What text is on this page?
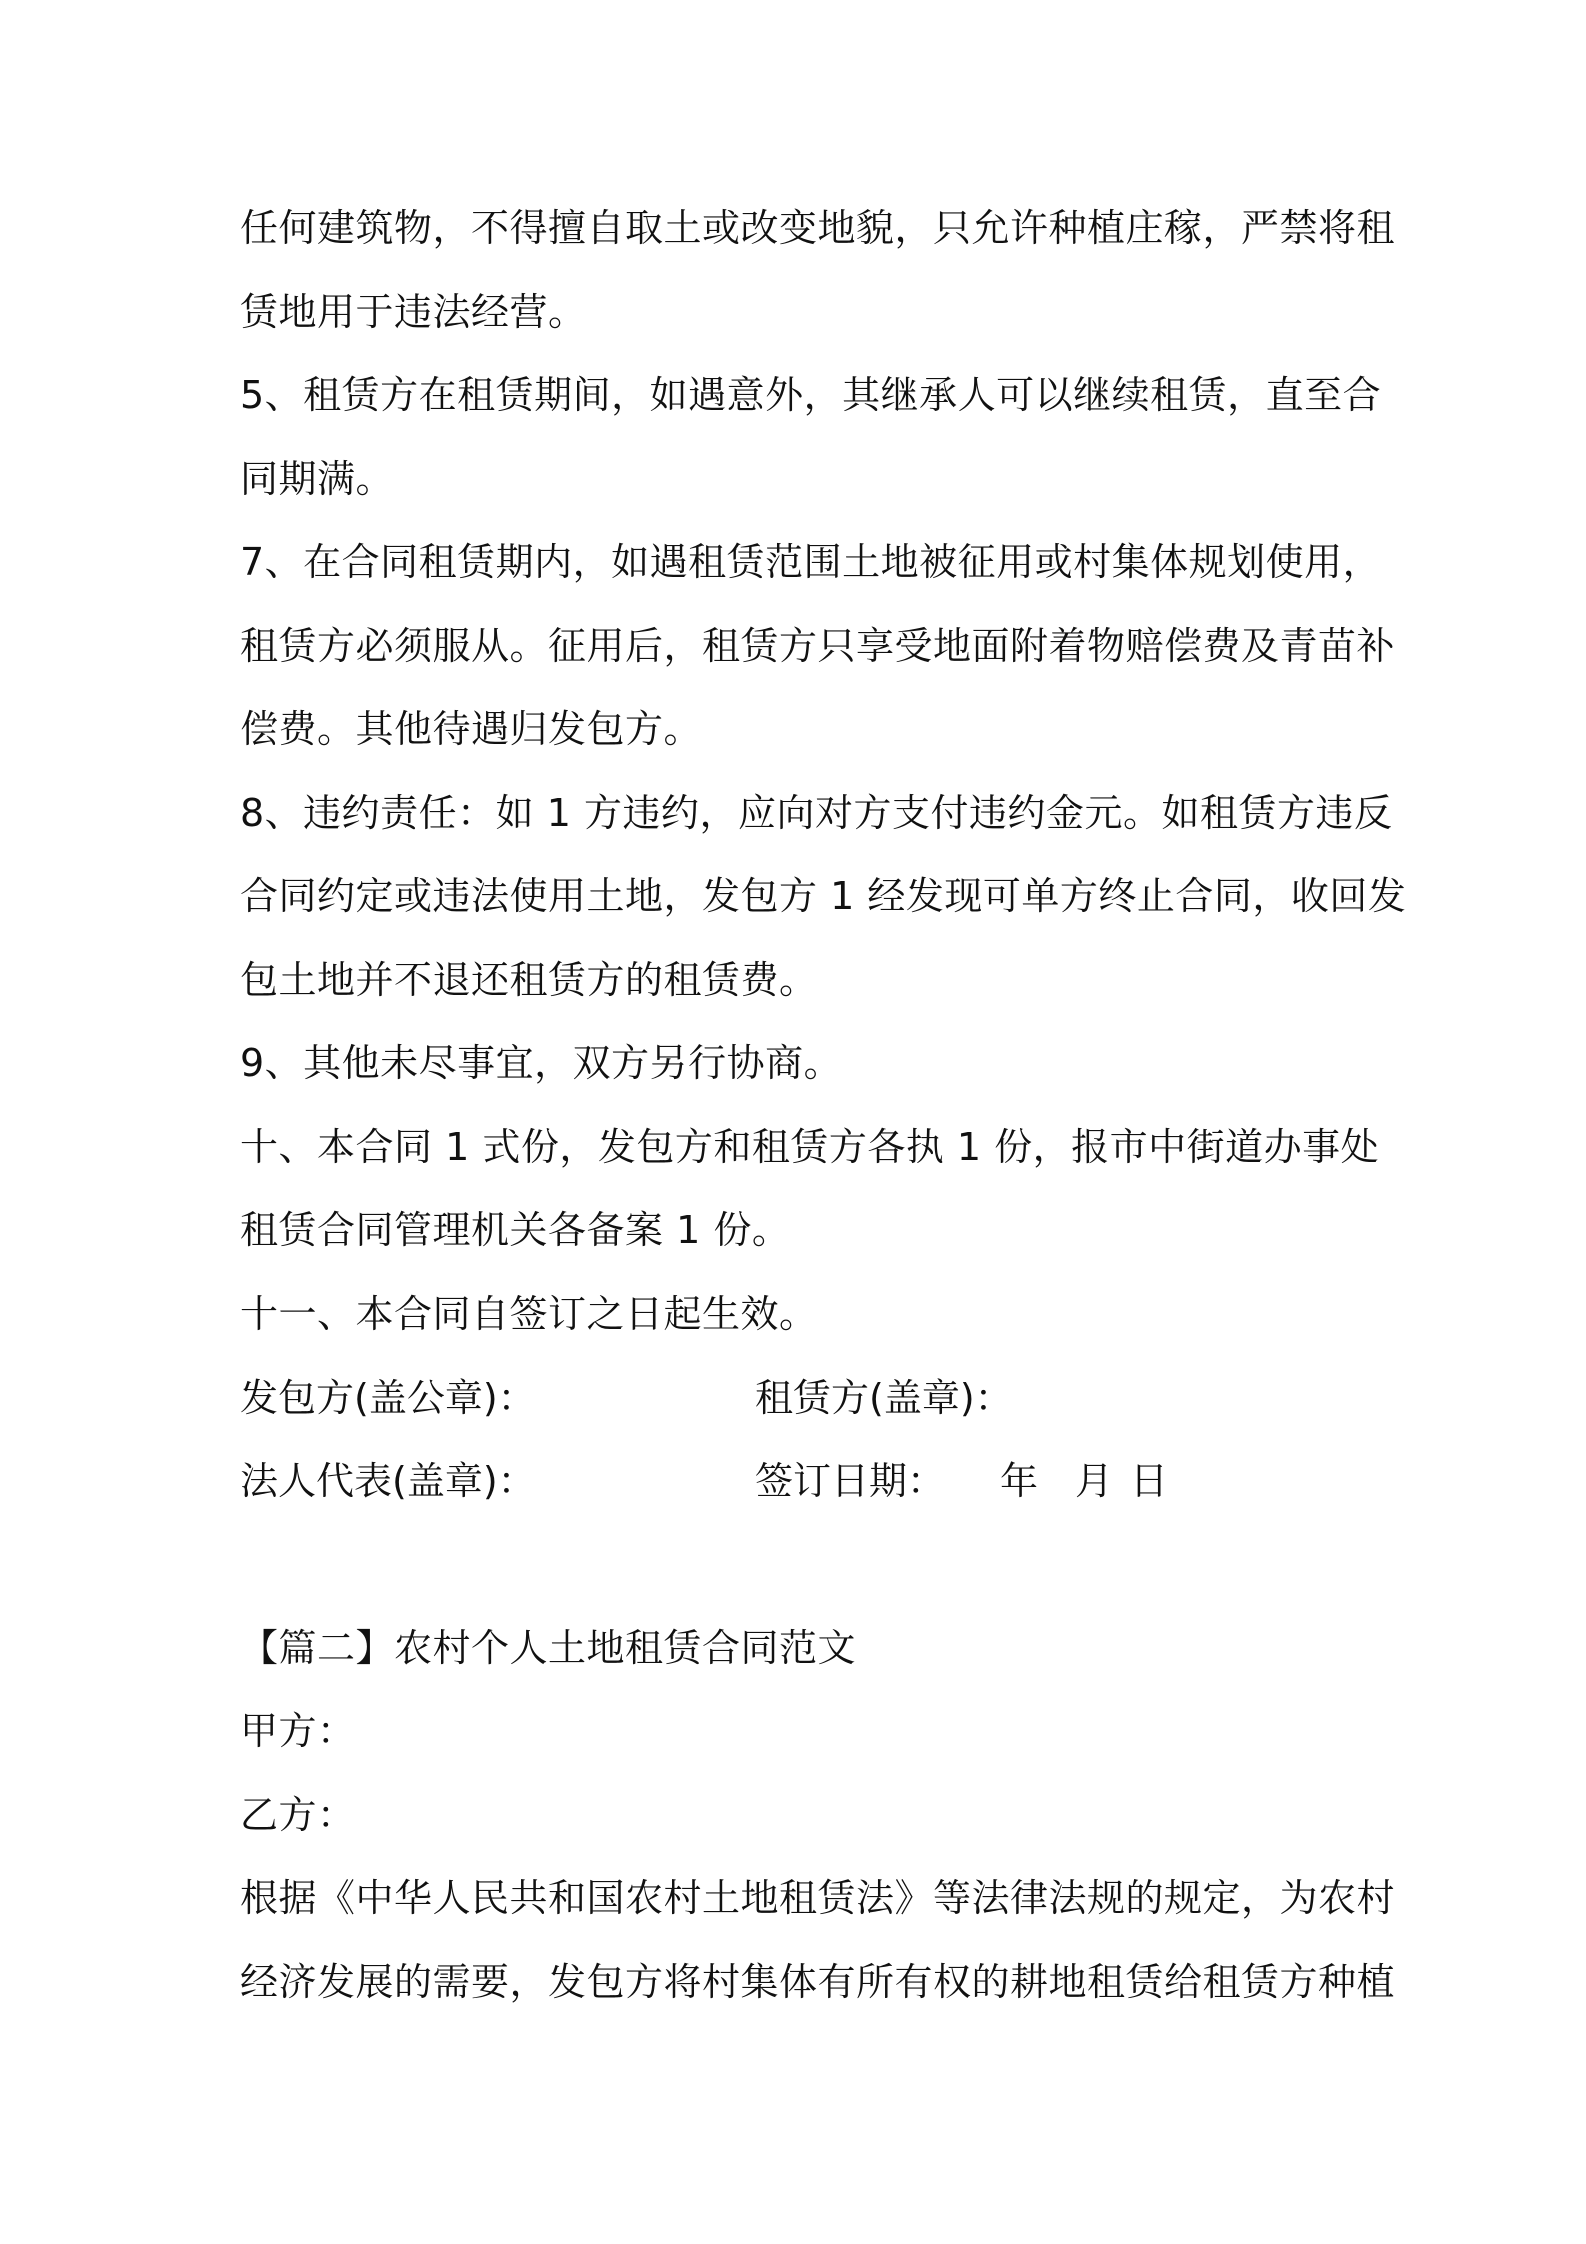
任何建筑物，不得擅自取土或改变地貌，只允许种植庄稼，严禁将租
赁地用于违法经营。
5、租赁方在租赁期间，如遇意外，其继承人可以继续租赁，直至合
同期满。
7、在合同租赁期内，如遇租赁范围土地被征用或村集体规划使用，
租赁方必须服从。征用后，租赁方只享受地面附着物赔偿费及青苗补
偿费。其他待遇归发包方。
8、违约责任：如 1 方违约，应向对方支付违约金元。如租赁方违反
合同约定或违法使用土地，发包方 1 经发现可单方终止合同，收回发
包土地并不退还租赁方的租赁费。
9、其他未尽事宜，双方另行协商。
十、本合同 1 式份，发包方和租赁方各执 1 份，报市中街道办事处
租赁合同管理机关各备案 1 份。
十一、本合同自签订之日起生效。
发包方(盖公章)：	租赁方(盖章)：
法人代表(盖章)：	签订日期： 年 月 日
【篇二】农村个人土地租赁合同范文
甲方：
乙方：
根据《中华人民共和国农村土地租赁法》等法律法规的规定，为农村
经济发展的需要，发包方将村集体有所有权的耕地租赁给租赁方种植
